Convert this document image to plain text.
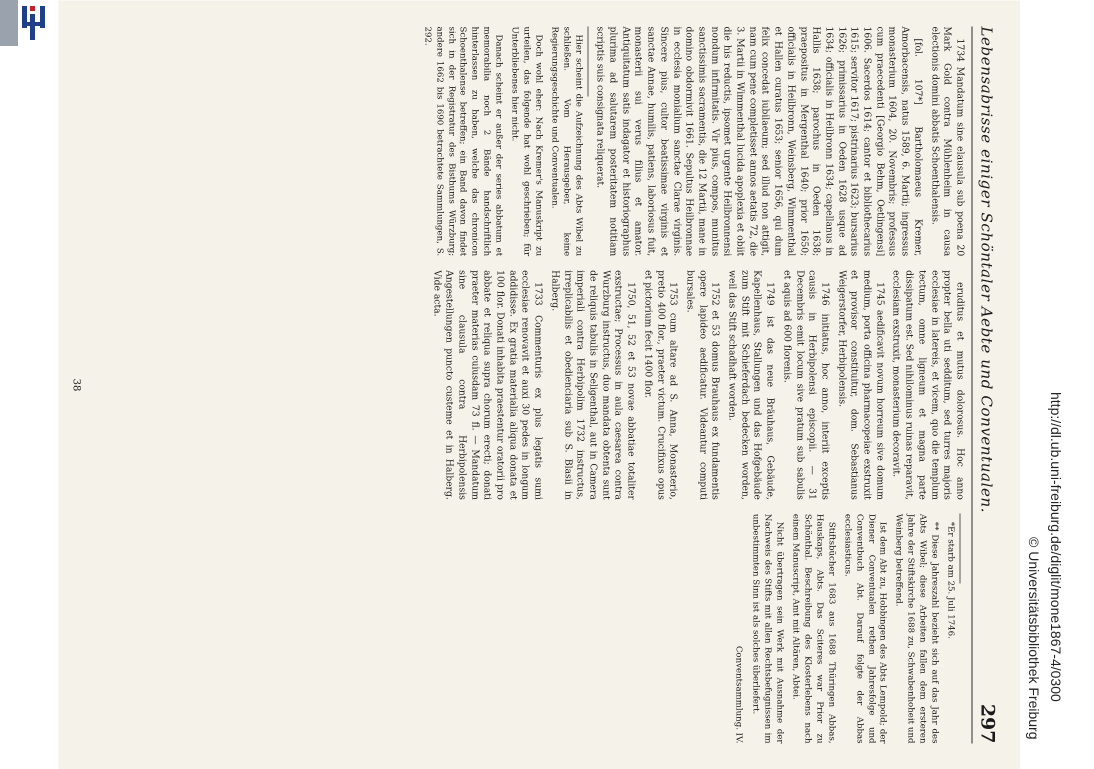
Lebensabrisse einiger Schöntaler Aebte und Conventualen.
297

1734 Mandatum sine elausula sub poena 20 Mark Gold contra Mühlenheim in causa electionis domini abbatis Schoenthalensis.

[fol. 107*] Bartholomaeus Kremer, Amorbacensis, natus 1589, 6. Martii; ingressus monasterium 1604, 20. Novembris; professus cum praecedenti [Georgio Behm, Oetlingensi] 1606. Sacerdos 1614; cantor et bibliothecarius 1615; servitor 1617; pistrinarius 1623; bursarius 1626; primissarius in Oeden 1628 usque ad 1634; officialis in Heilbronn 1634; capellanus in Hallis 1638; parochus in Oeden 1638; praepositus in Mergenthal 1640; prior 1650; officialis in Heilbronn, Weinsberg, Wimmenthal et Hallen curatus 1653; senior 1656, qui dum felix concedat iubilaeum; sed illud non attigit, nam cum pene completisset annos aetatis 72, die 3. Martii in Wimmenthal lucida apoplexia et obiit die his reductis, ipsomet urgente Heilbronnensi nondum infirmitatis. Vir pius, compos, munitus sanctissimis sacramentis, die 12 Martii, mane in domino obdormivit 1661. Sepultus Heilbronnae in ecclesia monialium sanctae Clarae virginis. Sincere pius, cultor beatissimae virginis et sanctae Annae, humilis, patiens, laboriosus fuit, monasterii sui verus filius et amator. Antiquitatum satis indagator et historiographus plurima ad salutarem posteritatem notitiam scriptis suis consignata reliquerat.

Hier scheint die Aufzeichnung des Abts Wibel zu schließen. Vom Herausgeber, keine Regierungsgeschichte und Conventualen.

Doch wohl eher: Nach Kremer's Manuskript zu urteilen, das folgende hat wohl geschrieben; für Unterbliebenes hier nicht.

Danach scheint er außer der series abbatum et memorabilia noch 2 Bände handschriftlich hinterlassen zu haben, welche das chronicon Schoenthalense betreffen; ein Band davon findet sich in der Registratur des Bisthums Würzburg; andere 1662 bis 1690 betrachtete Sammlungen, S. 292.

eruditus et mutus dolorosus. Hoc anno propter bella uti sedditum, sed turres majoris ecclesiae in latereis, et vicem, quo die templum tectum, omne ligneum et magna parte dissipatum est. Sed nihilominus ruinas reparavit, ecclesiam exstruxit, monasterium decoravit.

1745 aedificavit novum horreum sive domum medium, porta officina pharmacopeiae exstruxit et provisor constituitur, dom. Sebastianus Weigerstorfer, Herbipolensis.

1746 initiatus, hoc anno, interiit exceptis causis in Herbipolensi episcopii. — 31 Decembris emit locum sive pratum sub sabulis et aquis ad 600 florenis.

1749 ist das neue Bräuhaus, Gebäude, Kapellenhaus, Stallungen und das Hofgebäude zum Stift mit Schieferdach bedecken worden, weil das Stift schadhaft worden.

1752 et 53 domus Brauhaus ex fundamentis opere lapideo aedificatur. Videantur computi bursales.

1753 cum altare ad S. Anna, Monasterio, pretio 400 flor., praeter victum. Crucifixus opus et pictorium fecit 1400 flor.

1750, 51, 52 et 53 novae abbatiae totaliter exstructae; Processus in aula caesarea contra Wurzburg instructus, duo mandata obtenta sunt de reliquis tabulis in Seligenthal, aut in Camera imperiali contra Herbipolim 1732 instructus, irreplicabilis et obedienciaria sub S. Blasii in Halberg.

1733 Commenturis ex plus legatis sumi ecclesiae renovavit et auxi 30 pedes in longum addidisse. Ex gratia materialia aliqua donata et 100 flor. Donati inhabita praestentur oratorii pro abbate et reliqua supra chorum erecti; donati praeter materias cuiusdam 73 fl. — Mandatum sine clausula contra Herbipolensis Angestellungen puncto custeme et in Halberg. Vide acta.

*Er starb am 25. Juli 1746.

** Diese Jahreszahl bezieht sich auf das Jahr des Abts Wibel; diese Arbeiten fallen dem ersteren Jahre der Stiftskirche 1688 zu, Schwabenhoheit und Weinberg betreffend.

Ist dem Abt zu, Hobbingen des Abts Lempold; der Diener Conventualen rethen Jahresfolge und Conventbuch Abt. Darauf folgte der Abbas ecclesiasticus.

Stiftsbücher 1683 aus 1688 Thüringen Abbas, Hauskaps, Abts. Das Sciteres war Prior zu Schönthal. Beschreibung des Klosterlebens nach einem Manuscript, Amt mit Altären, Abtei.

Nicht übertragen sein Werk mit Ausnahme der Nachweis des Stifts mit allen Rechtsbefugnissen im unbestimmten Sinn ist als solches überliefert.

Conventsammlung. IV.

38
http://dl.ub.uni-freiburg.de/diglit/mone1867-4/0300
© Universitätsbibliothek Freiburg
